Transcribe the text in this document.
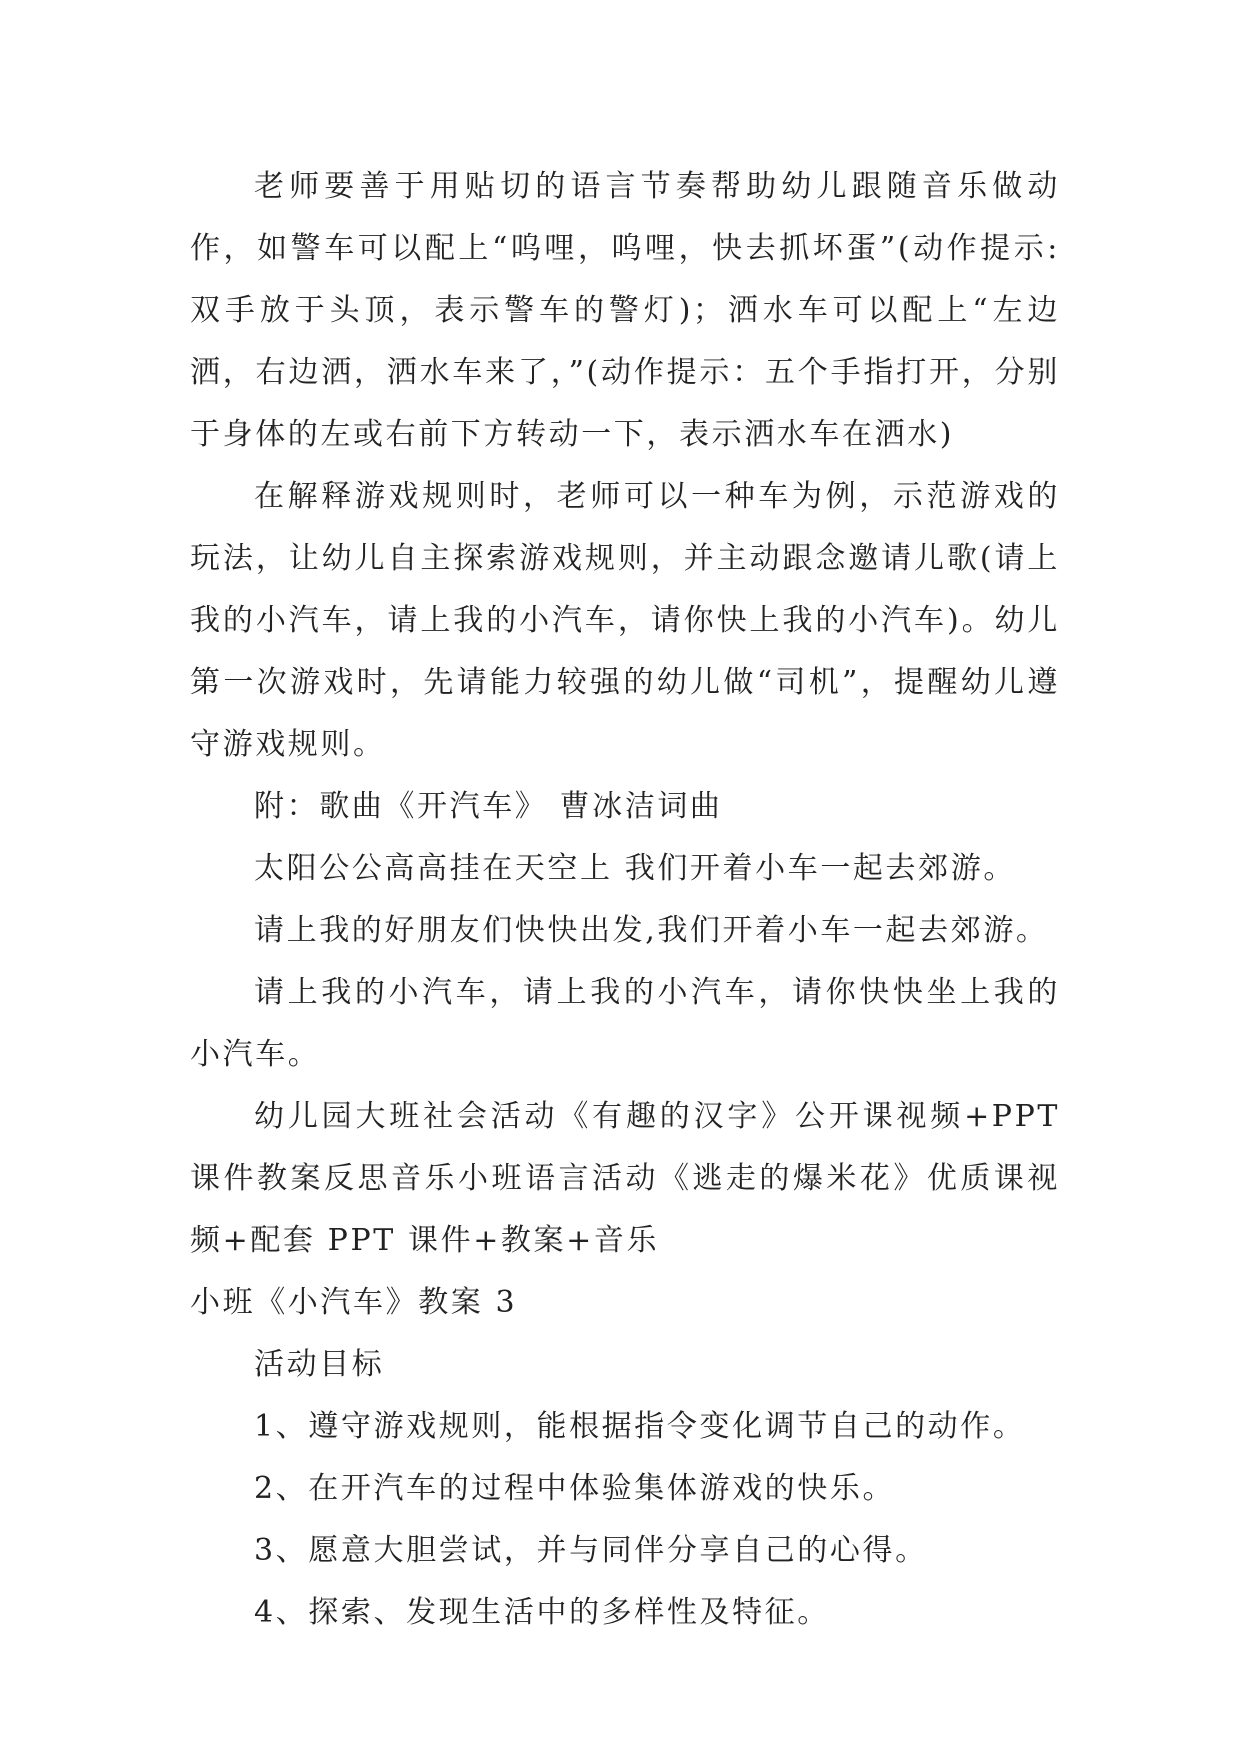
老师要善于用贴切的语言节奏帮助幼儿跟随音乐做动作，如警车可以配上“呜哩，呜哩，快去抓坏蛋”(动作提示: 双手放于头顶，表示警车的警灯)；洒水车可以配上“左边洒，右边洒，洒水车来了，”(动作提示：五个手指打开，分别于身体的左或右前下方转动一下，表示洒水车在洒水)

在解释游戏规则时，老师可以一种车为例，示范游戏的玩法，让幼儿自主探索游戏规则，并主动跟念邀请儿歌(请上我的小汽车，请上我的小汽车，请你快上我的小汽车)。幼儿第一次游戏时，先请能力较强的幼儿做“司机”，提醒幼儿遵守游戏规则。

附：歌曲《开汽车》 曹冰洁词曲

太阳公公高高挂在天空上 我们开着小车一起去郊游。

请上我的好朋友们快快出发,我们开着小车一起去郊游。

请上我的小汽车，请上我的小汽车，请你快快坐上我的小汽车。

幼儿园大班社会活动《有趣的汉字》公开课视频+PPT 课件教案反思音乐小班语言活动《逃走的爆米花》优质课视频+配套 PPT 课件+教案+音乐

小班《小汽车》教案 3

活动目标

1、遵守游戏规则，能根据指令变化调节自己的动作。

2、在开汽车的过程中体验集体游戏的快乐。

3、愿意大胆尝试，并与同伴分享自己的心得。

4、探索、发现生活中的多样性及特征。
